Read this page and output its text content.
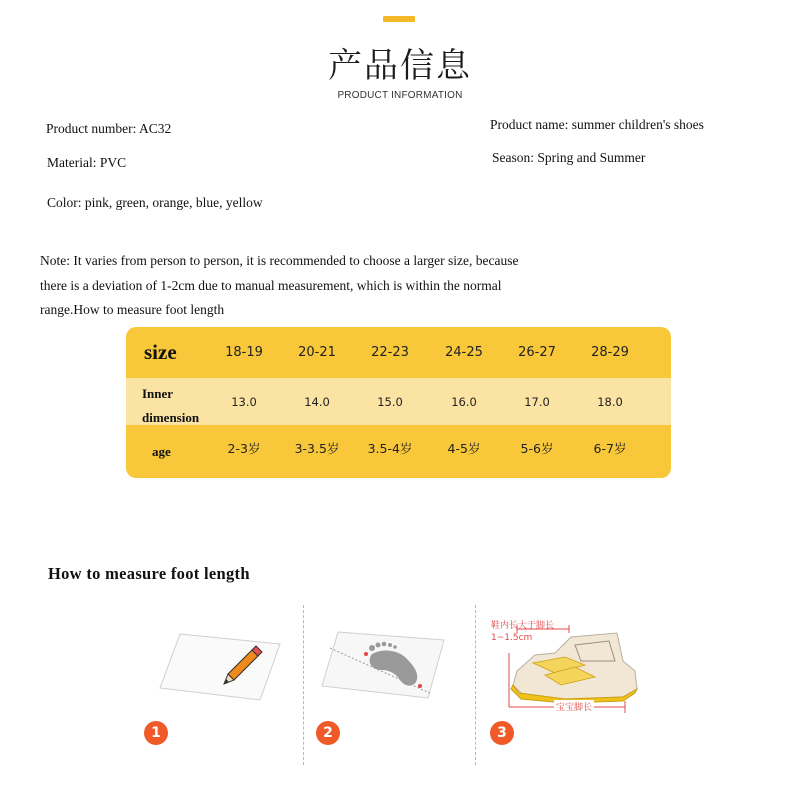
产品信息
PRODUCT INFORMATION
Product number: AC32	Product name: summer children's shoes
Material: PVC	Season: Spring and Summer
Color: pink, green, orange, blue, yellow
Note: It varies from person to person, it is recommended to choose a larger size, because
there is a deviation of 1-2cm due to manual measurement, which is within the normal
range.How to measure foot length
size	18-19	20-21	22-23	24-25	26-27	28-29
Inner
dimension
13.0	14.0	15.0	16.0	17.0	18.0
age	2-3岁	3-3.5岁	3.5-4岁	4-5岁	5-6岁	6-7岁
How to measure foot length
鞋内长大于脚长
1~1.5cm
宝宝脚长
1	2	3
